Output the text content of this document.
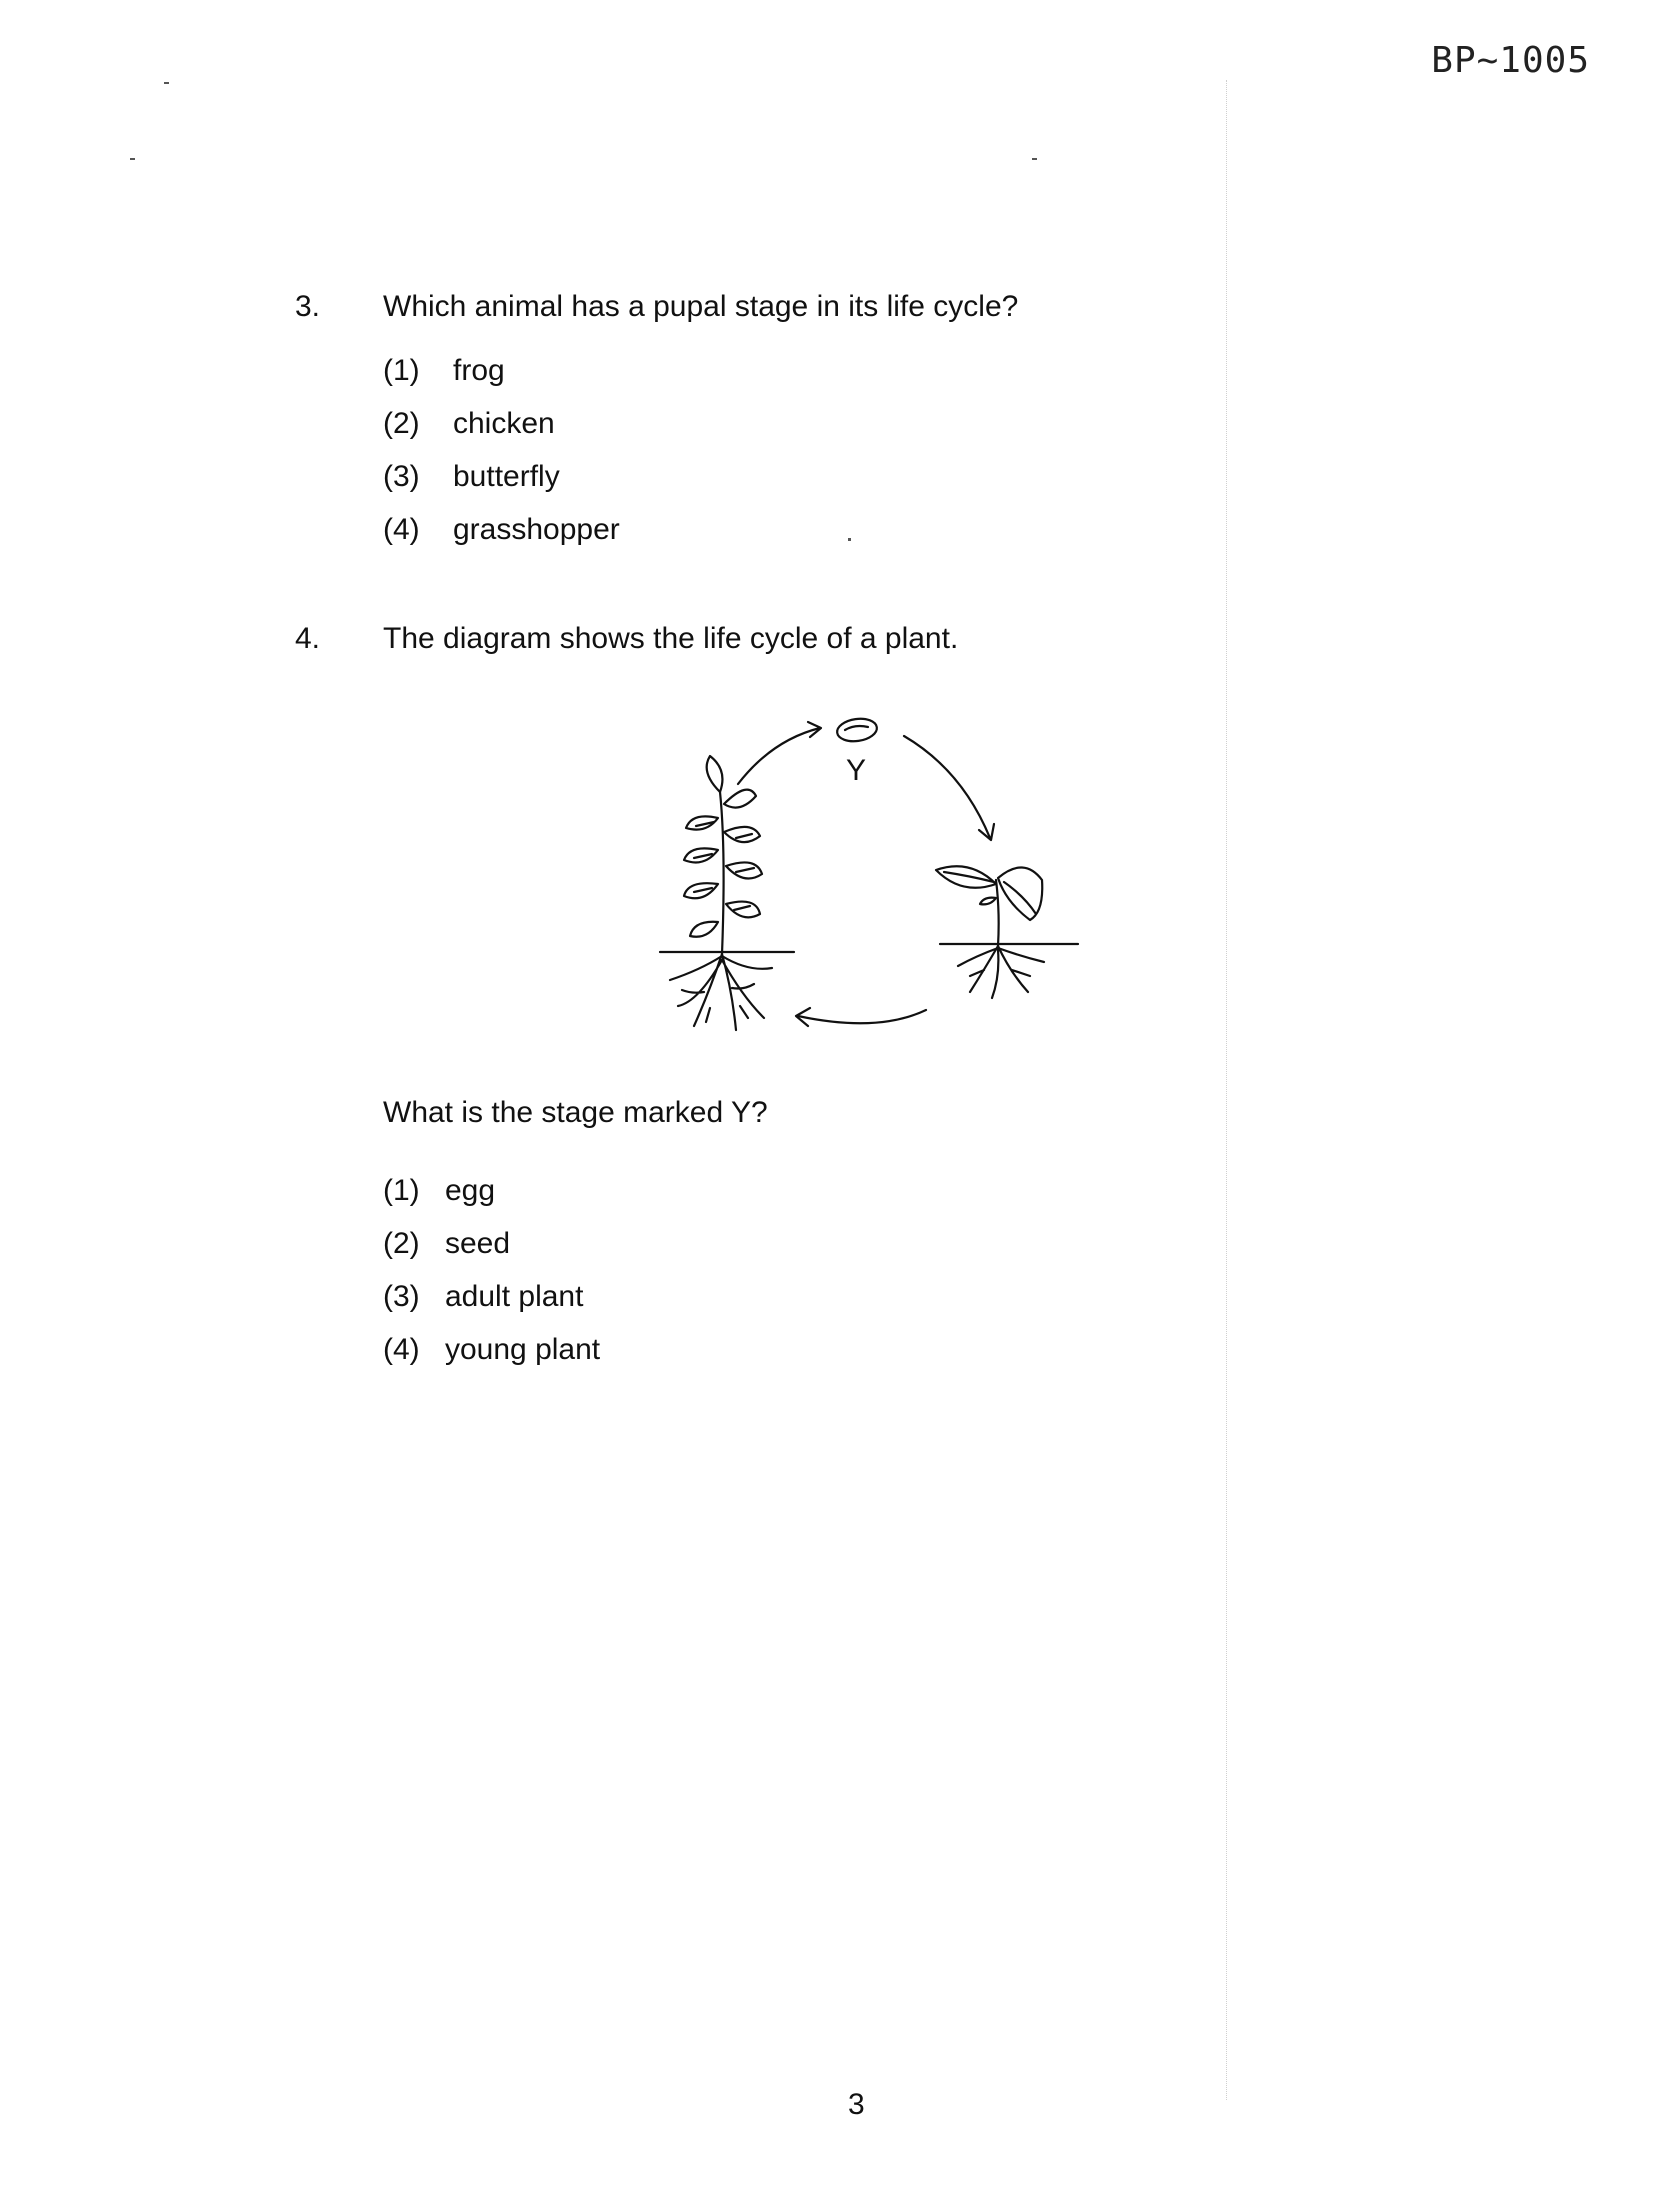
BP~1005
3. Which animal has a pupal stage in its life cycle?
(1) frog
(2) chicken
(3) butterfly
(4) grasshopper
4. The diagram shows the life cycle of a plant.
What is the stage marked Y?
(1) egg
(2) seed
(3) adult plant
(4) young plant
Y
3
